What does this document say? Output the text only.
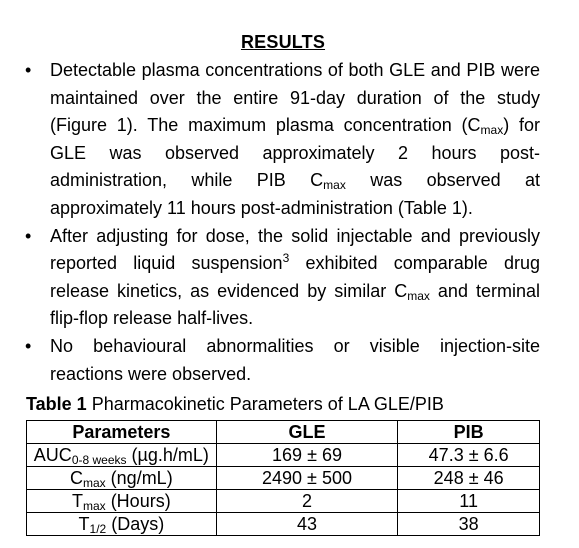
RESULTS
•	Detectable plasma concentrations of both GLE and PIB were maintained over the entire 91-day duration of the study (Figure 1). The maximum plasma concentration $(C_{max})$ for GLE was observed approximately 2 hours post-administration, while PIB $C_{max}$ was observed at approximately 11 hours post-administration (Table 1).
•	After adjusting for dose, the solid injectable and previously reported liquid suspension$^3$ exhibited comparable drug release kinetics, as evidenced by similar $C_{max}$ and terminal flip-flop release half-lives.
•	No behavioural abnormalities or visible injection-site reactions were observed.
Table 1 Pharmacokinetic Parameters of LA GLE/PIB
Parameters	GLE	PIB
$AUC_{0-8 weeks}$ (µg.h/mL)	169 ± 69	47.3 ± 6.6
$C_{max}$ (ng/mL)	2490 ± 500	248 ± 46
$T_{max}$ (Hours)	2	11
$T_{1/2}$ (Days)	43	38
